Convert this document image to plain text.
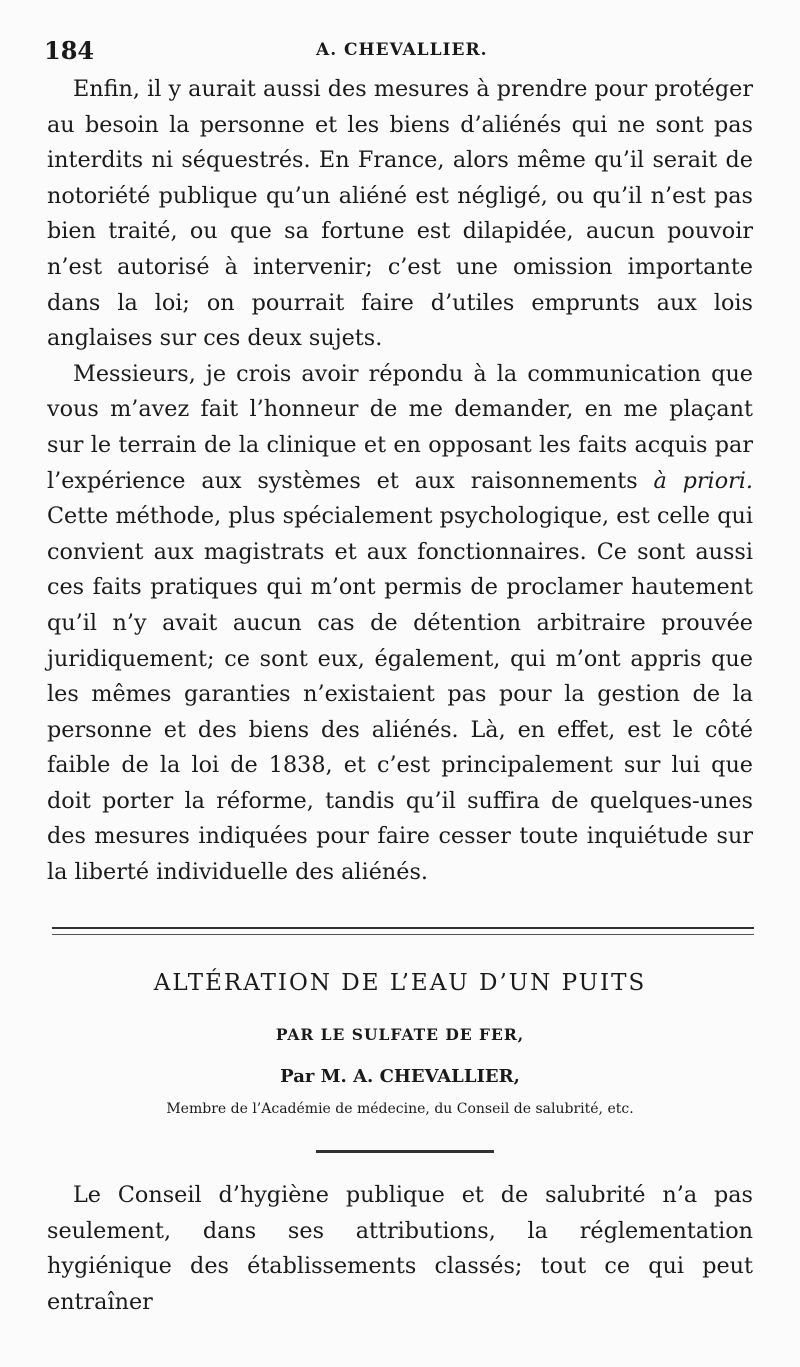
184	A. CHEVALLIER.

Enfin, il y aurait aussi des mesures à prendre pour protéger au besoin la personne et les biens d’aliénés qui ne sont pas interdits ni séquestrés. En France, alors même qu’il serait de notoriété publique qu’un aliéné est négligé, ou qu’il n’est pas bien traité, ou que sa fortune est dilapidée, aucun pouvoir n’est autorisé à intervenir; c’est une omission importante dans la loi; on pourrait faire d’utiles emprunts aux lois anglaises sur ces deux sujets.

Messieurs, je crois avoir répondu à la communication que vous m’avez fait l’honneur de me demander, en me plaçant sur le terrain de la clinique et en opposant les faits acquis par l’expérience aux systèmes et aux raisonnements à priori. Cette méthode, plus spécialement psychologique, est celle qui convient aux magistrats et aux fonctionnaires. Ce sont aussi ces faits pratiques qui m’ont permis de proclamer hautement qu’il n’y avait aucun cas de détention arbitraire prouvée juridiquement; ce sont eux, également, qui m’ont appris que les mêmes garanties n’existaient pas pour la gestion de la personne et des biens des aliénés. Là, en effet, est le côté faible de la loi de 1838, et c’est principalement sur lui que doit porter la réforme, tandis qu’il suffira de quelques-unes des mesures indiquées pour faire cesser toute inquiétude sur la liberté individuelle des aliénés.

ALTÉRATION DE L’EAU D’UN PUITS
PAR LE SULFATE DE FER,
Par M. A. CHEVALLIER,
Membre de l’Académie de médecine, du Conseil de salubrité, etc.

Le Conseil d’hygiène publique et de salubrité n’a pas seulement, dans ses attributions, la réglementation hygiénique des établissements classés; tout ce qui peut entraîner
